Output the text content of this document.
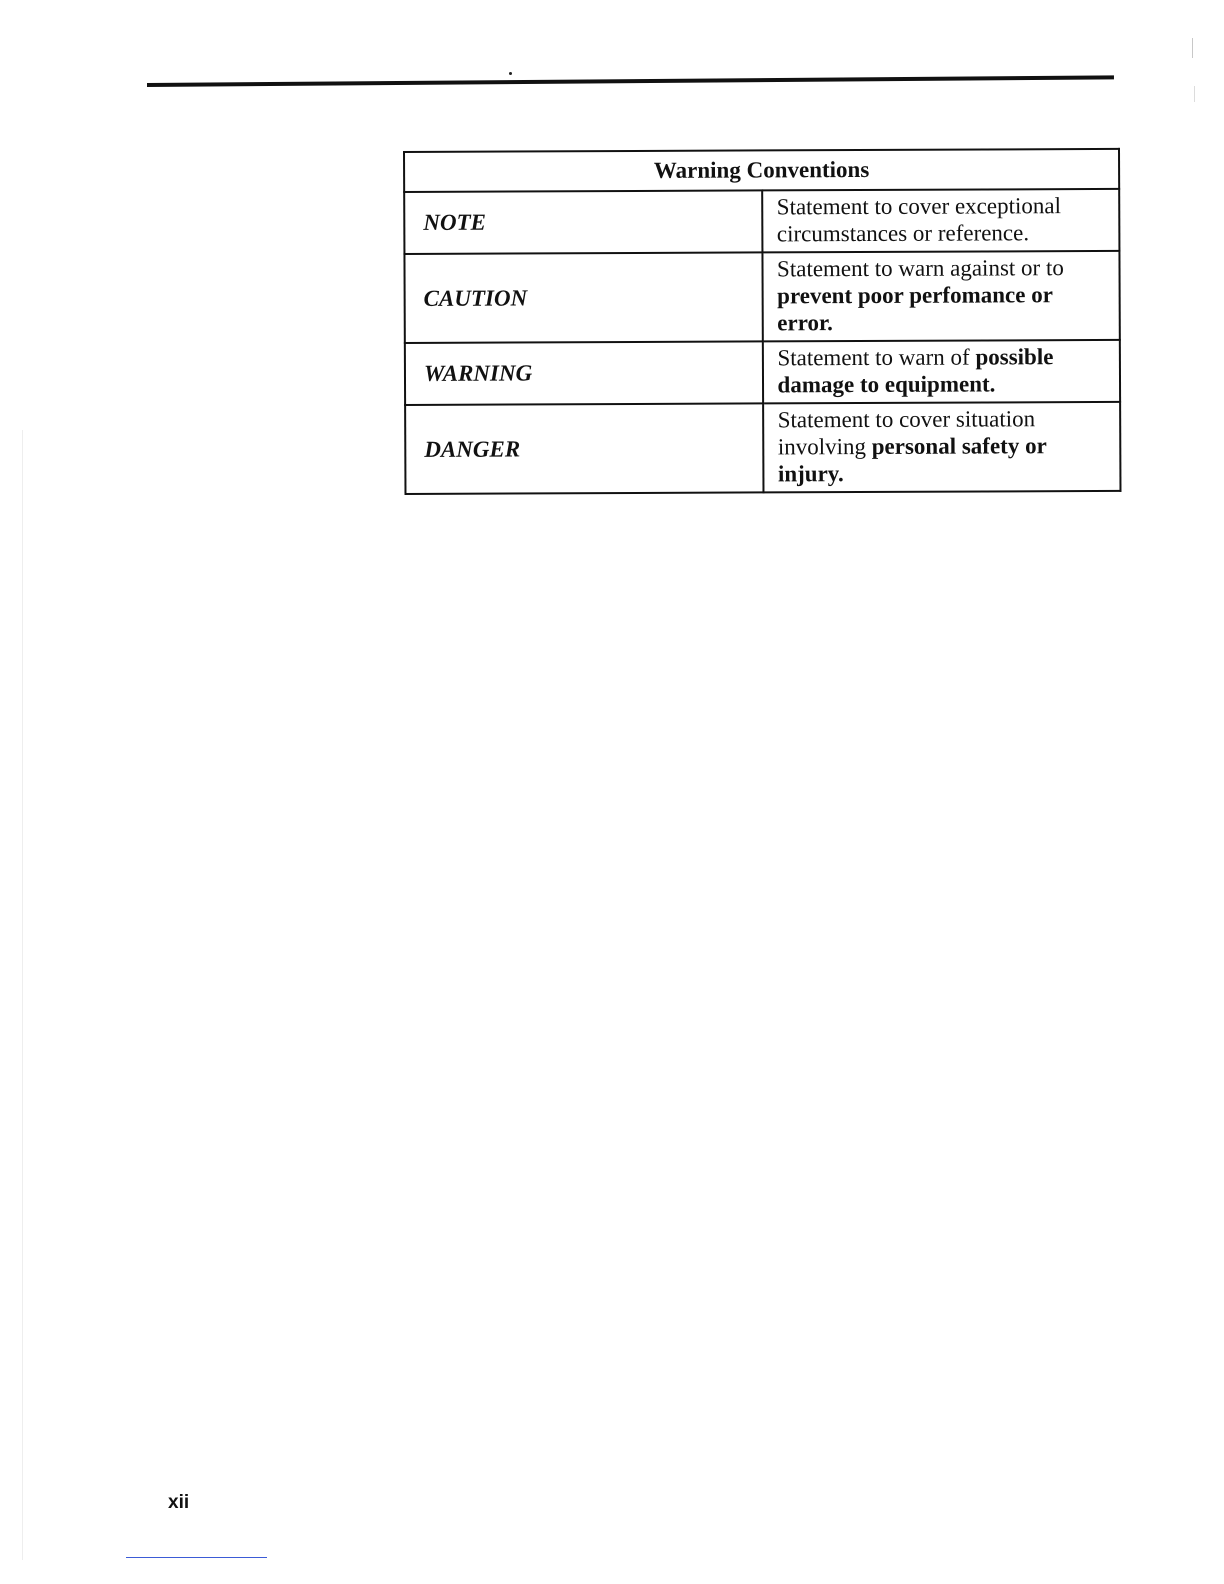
Warning Conventions	
NOTE	Statement to cover exceptional circumstances or reference.
CAUTION	Statement to warn against or to prevent poor perfomance or error.
WARNING	Statement to warn of possible damage to equipment.
DANGER	Statement to cover situation involving personal safety or injury.
xii
